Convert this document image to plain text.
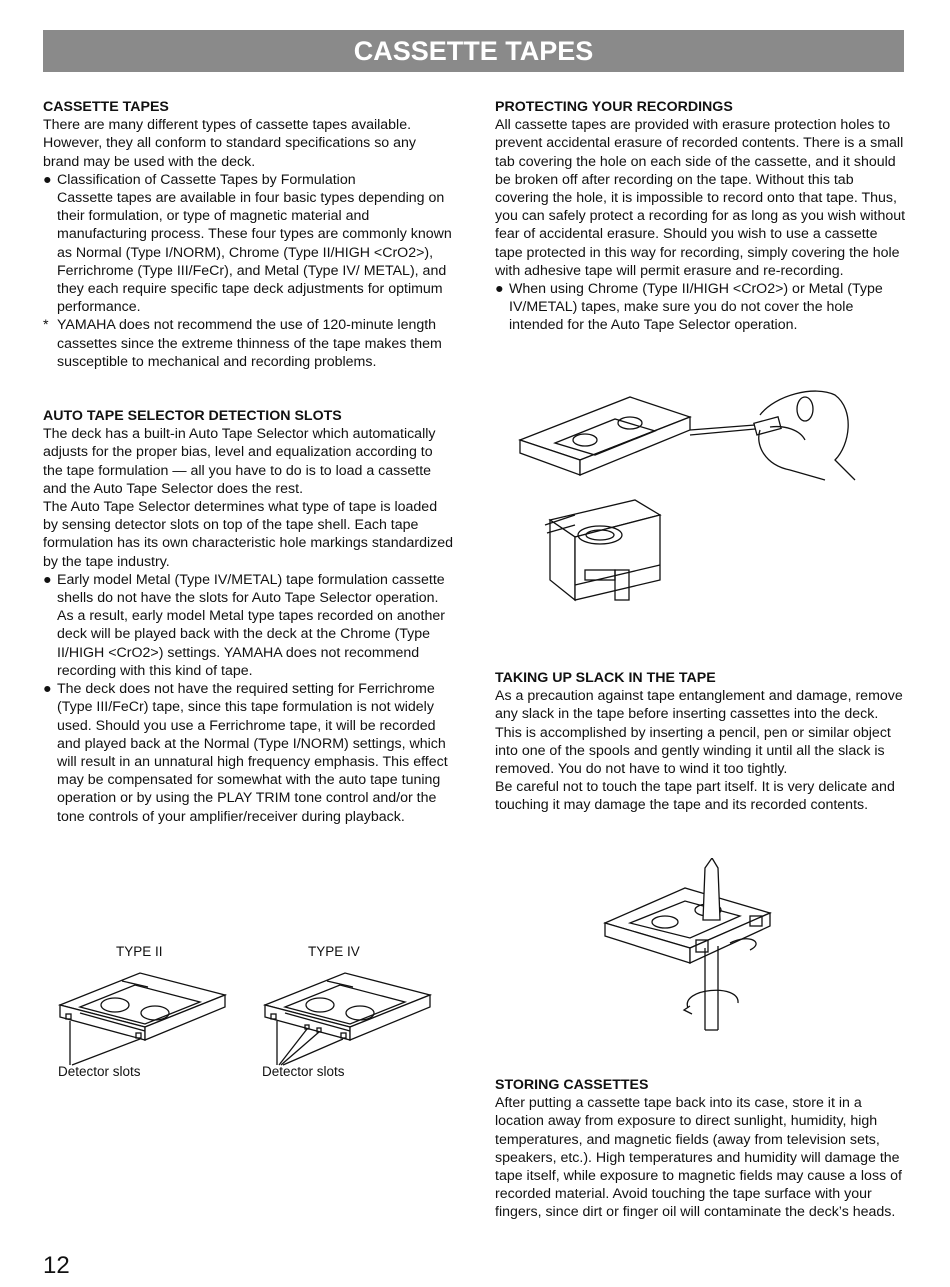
CASSETTE TAPES
CASSETTE TAPES

There are many different types of cassette tapes available. However, they all conform to standard specifications so any brand may be used with the deck.

● Classification of Cassette Tapes by Formulation

Cassette tapes are available in four basic types depending on their formulation, or type of magnetic material and manufacturing process. These four types are commonly known as Normal (Type I/NORM), Chrome (Type II/HIGH <CrO2>), Ferrichrome (Type III/FeCr), and Metal (Type IV/ METAL), and they each require specific tape deck adjustments for optimum performance.

* YAMAHA does not recommend the use of 120-minute length cassettes since the extreme thinness of the tape makes them susceptible to mechanical and recording problems.

AUTO TAPE SELECTOR DETECTION SLOTS

The deck has a built-in Auto Tape Selector which automatically adjusts for the proper bias, level and equalization according to the tape formulation — all you have to do is to load a cassette and the Auto Tape Selector does the rest.

The Auto Tape Selector determines what type of tape is loaded by sensing detector slots on top of the tape shell. Each tape formulation has its own characteristic hole markings standardized by the tape industry.

● Early model Metal (Type IV/METAL) tape formulation cassette shells do not have the slots for Auto Tape Selector operation. As a result, early model Metal type tapes recorded on another deck will be played back with the deck at the Chrome (Type II/HIGH <CrO2>) settings. YAMAHA does not recommend recording with this kind of tape.

● The deck does not have the required setting for Ferrichrome (Type III/FeCr) tape, since this tape formulation is not widely used. Should you use a Ferrichrome tape, it will be recorded and played back at the Normal (Type I/NORM) settings, which will result in an unnatural high frequency emphasis. This effect may be compensated for somewhat with the auto tape tuning operation or by using the PLAY TRIM tone control and/or the tone controls of your amplifier/receiver during playback.

TYPE II	TYPE IV
Detector slots	Detector slots
PROTECTING YOUR RECORDINGS

All cassette tapes are provided with erasure protection holes to prevent accidental erasure of recorded contents. There is a small tab covering the hole on each side of the cassette, and it should be broken off after recording on the tape. Without this tab covering the hole, it is impossible to record onto that tape. Thus, you can safely protect a recording for as long as you wish without fear of accidental erasure. Should you wish to use a cassette tape protected in this way for recording, simply covering the hole with adhesive tape will permit erasure and re-recording.

● When using Chrome (Type II/HIGH <CrO2>) or Metal (Type IV/METAL) tapes, make sure you do not cover the hole intended for the Auto Tape Selector operation.

TAKING UP SLACK IN THE TAPE

As a precaution against tape entanglement and damage, remove any slack in the tape before inserting cassettes into the deck. This is accomplished by inserting a pencil, pen or similar object into one of the spools and gently winding it until all the slack is removed. You do not have to wind it too tightly.

Be careful not to touch the tape part itself. It is very delicate and touching it may damage the tape and its recorded contents.

STORING CASSETTES

After putting a cassette tape back into its case, store it in a location away from exposure to direct sunlight, humidity, high temperatures, and magnetic fields (away from television sets, speakers, etc.). High temperatures and humidity will damage the tape itself, while exposure to magnetic fields may cause a loss of recorded material. Avoid touching the tape surface with your fingers, since dirt or finger oil will contaminate the deck’s heads.

12
